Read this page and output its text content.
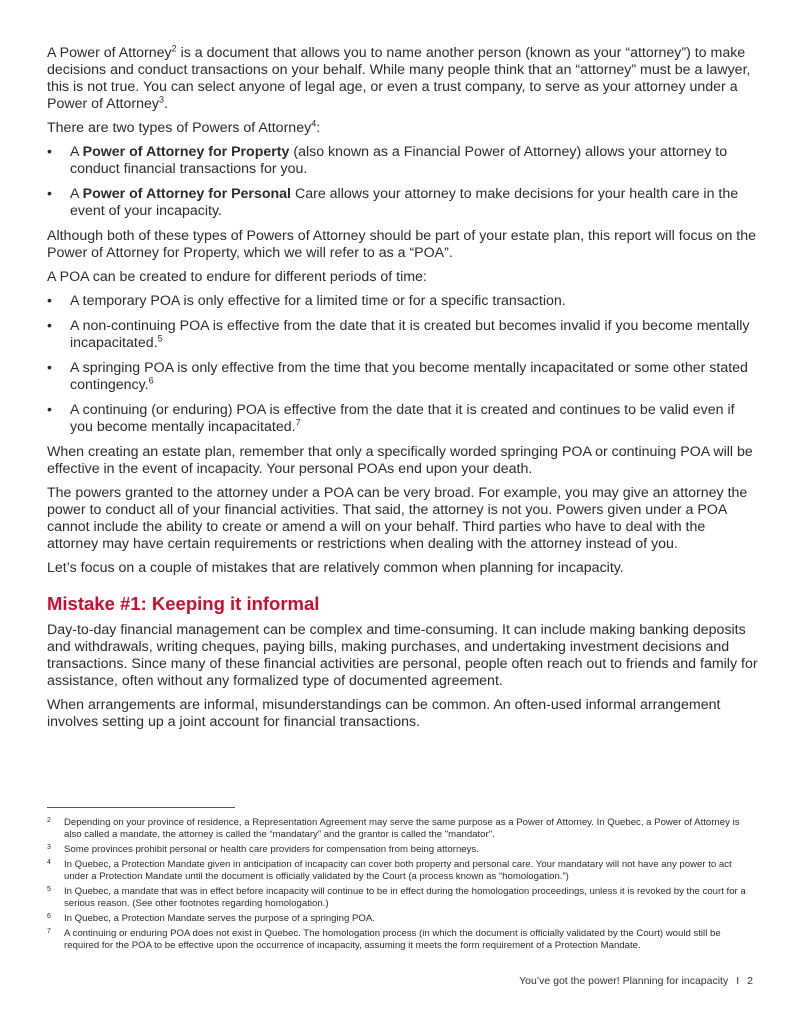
A Power of Attorney$^2$ is a document that allows you to name another person (known as your “attorney”) to make decisions and conduct transactions on your behalf. While many people think that an “attorney” must be a lawyer, this is not true. You can select anyone of legal age, or even a trust company, to serve as your attorney under a Power of Attorney$^3$.

There are two types of Powers of Attorney$^4$:

• A Power of Attorney for Property (also known as a Financial Power of Attorney) allows your attorney to conduct financial transactions for you.
• A Power of Attorney for Personal Care allows your attorney to make decisions for your health care in the event of your incapacity.

Although both of these types of Powers of Attorney should be part of your estate plan, this report will focus on the Power of Attorney for Property, which we will refer to as a “POA”.

A POA can be created to endure for different periods of time:

• A temporary POA is only effective for a limited time or for a specific transaction.
• A non-continuing POA is effective from the date that it is created but becomes invalid if you become mentally incapacitated.$^5$
• A springing POA is only effective from the time that you become mentally incapacitated or some other stated contingency.$^6$
• A continuing (or enduring) POA is effective from the date that it is created and continues to be valid even if you become mentally incapacitated.$^7$

When creating an estate plan, remember that only a specifically worded springing POA or continuing POA will be effective in the event of incapacity. Your personal POAs end upon your death.

The powers granted to the attorney under a POA can be very broad. For example, you may give an attorney the power to conduct all of your financial activities. That said, the attorney is not you. Powers given under a POA cannot include the ability to create or amend a will on your behalf. Third parties who have to deal with the attorney may have certain requirements or restrictions when dealing with the attorney instead of you.

Let’s focus on a couple of mistakes that are relatively common when planning for incapacity.

Mistake #1: Keeping it informal

Day-to-day financial management can be complex and time-consuming. It can include making banking deposits and withdrawals, writing cheques, paying bills, making purchases, and undertaking investment decisions and transactions. Since many of these financial activities are personal, people often reach out to friends and family for assistance, often without any formalized type of documented agreement.

When arrangements are informal, misunderstandings can be common. An often-used informal arrangement involves setting up a joint account for financial transactions.

2 Depending on your province of residence, a Representation Agreement may serve the same purpose as a Power of Attorney. In Quebec, a Power of Attorney is also called a mandate, the attorney is called the “mandatary” and the grantor is called the "mandator".
3 Some provinces prohibit personal or health care providers for compensation from being attorneys.
4 In Quebec, a Protection Mandate given in anticipation of incapacity can cover both property and personal care. Your mandatary will not have any power to act under a Protection Mandate until the document is officially validated by the Court (a process known as “homologation.”)
5 In Quebec, a mandate that was in effect before incapacity will continue to be in effect during the homologation proceedings, unless it is revoked by the court for a serious reason. (See other footnotes regarding homologation.)
6 In Quebec, a Protection Mandate serves the purpose of a springing POA.
7 A continuing or enduring POA does not exist in Quebec. The homologation process (in which the document is officially validated by the Court) would still be required for the POA to be effective upon the occurrence of incapacity, assuming it meets the form requirement of a Protection Mandate.
You’ve got the power! Planning for incapacity I 2
